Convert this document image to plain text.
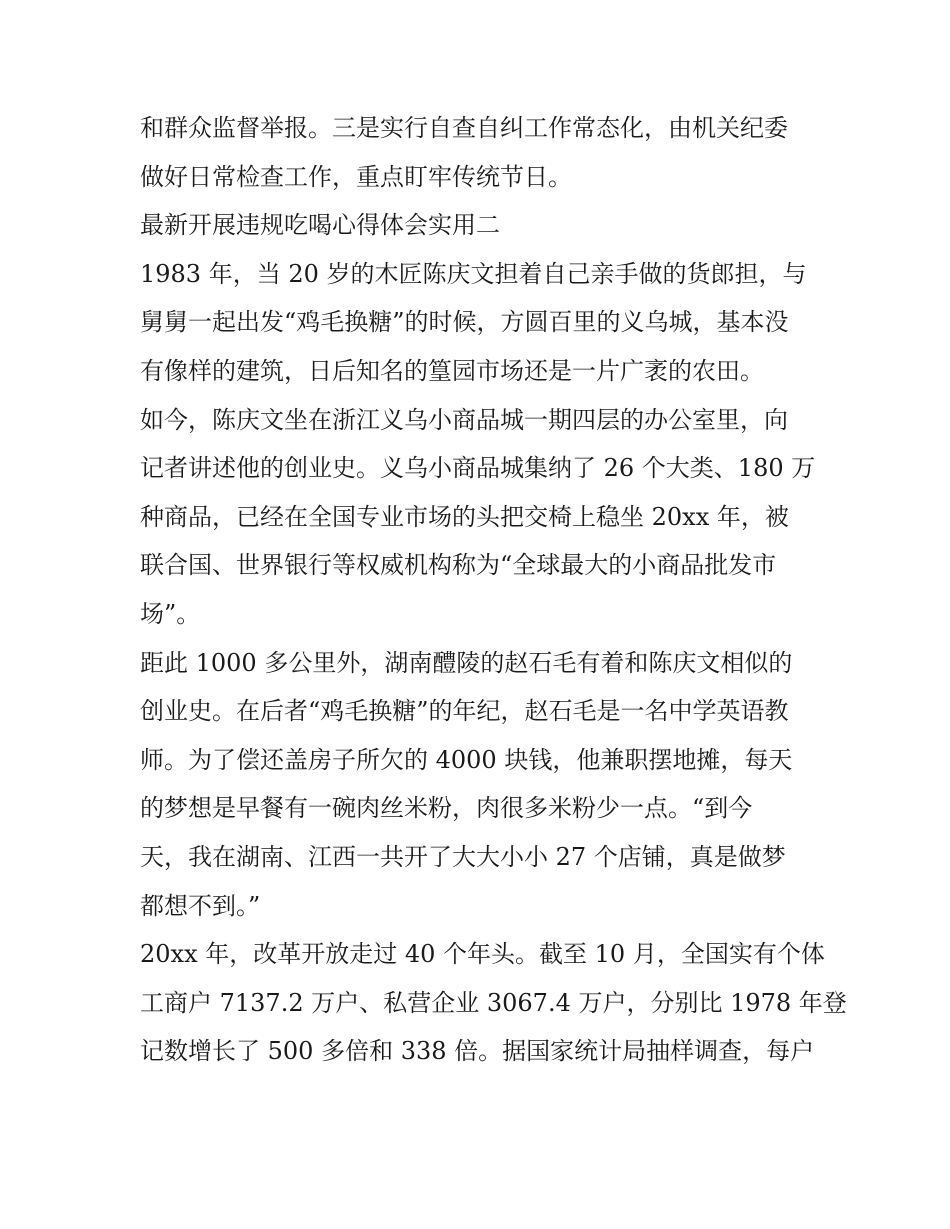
和群众监督举报。三是实行自查自纠工作常态化，由机关纪委
做好日常检查工作，重点盯牢传统节日。
最新开展违规吃喝心得体会实用二
1983 年，当 20 岁的木匠陈庆文担着自己亲手做的货郎担，与
舅舅一起出发“鸡毛换糖”的时候，方圆百里的义乌城，基本没
有像样的建筑，日后知名的篁园市场还是一片广袤的农田。
如今，陈庆文坐在浙江义乌小商品城一期四层的办公室里，向
记者讲述他的创业史。义乌小商品城集纳了 26 个大类、180 万
种商品，已经在全国专业市场的头把交椅上稳坐 20xx 年，被
联合国、世界银行等权威机构称为“全球最大的小商品批发市
场”。
距此 1000 多公里外，湖南醴陵的赵石毛有着和陈庆文相似的
创业史。在后者“鸡毛换糖”的年纪，赵石毛是一名中学英语教
师。为了偿还盖房子所欠的 4000 块钱，他兼职摆地摊，每天
的梦想是早餐有一碗肉丝米粉，肉很多米粉少一点。“到今
天，我在湖南、江西一共开了大大小小 27 个店铺，真是做梦
都想不到。”
20xx 年，改革开放走过 40 个年头。截至 10 月，全国实有个体
工商户 7137.2 万户、私营企业 3067.4 万户，分别比 1978 年登
记数增长了 500 多倍和 338 倍。据国家统计局抽样调查，每户
